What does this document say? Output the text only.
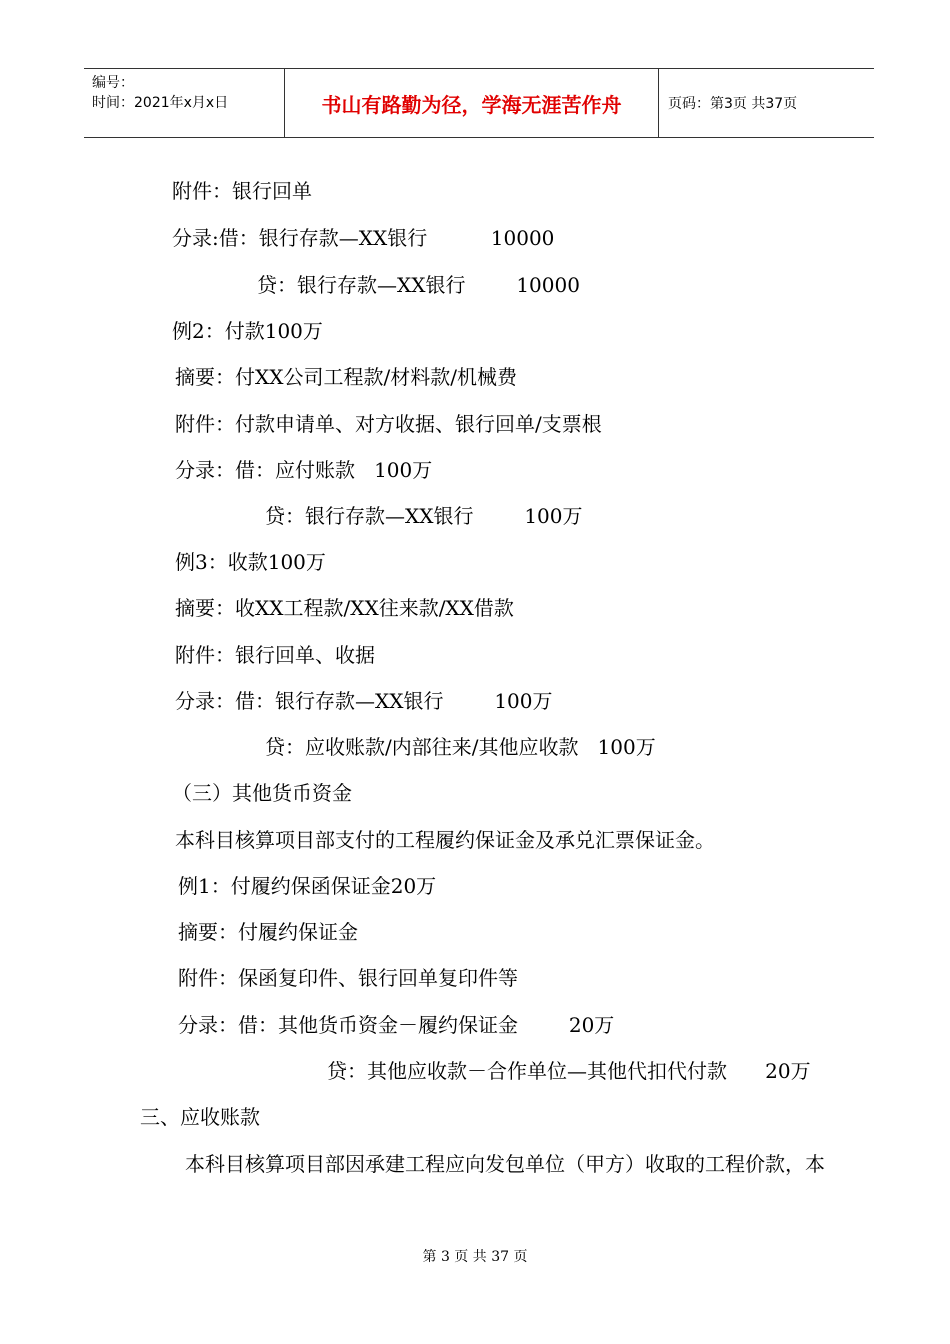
编号：
时间：2021年x月x日	书山有路勤为径，学海无涯苦作舟	页码：第3页 共37页
附件：银行回单
分录:借：银行存款—XX银行          10000
贷：银行存款—XX银行        10000
例2：付款100万
摘要：付XX公司工程款/材料款/机械费
附件：付款申请单、对方收据、银行回单/支票根
分录：借：应付账款   100万
贷：银行存款—XX银行        100万
例3：收款100万
摘要：收XX工程款/XX往来款/XX借款
附件：银行回单、收据
分录：借：银行存款—XX银行        100万
贷：应收账款/内部往来/其他应收款   100万
（三）其他货币资金
本科目核算项目部支付的工程履约保证金及承兑汇票保证金。
例1：付履约保函保证金20万
摘要：付履约保证金
附件：保函复印件、银行回单复印件等
分录：借：其他货币资金－履约保证金        20万
贷：其他应收款－合作单位—其他代扣代付款      20万
三、应收账款
本科目核算项目部因承建工程应向发包单位（甲方）收取的工程价款，本
第 3 页 共 37 页
